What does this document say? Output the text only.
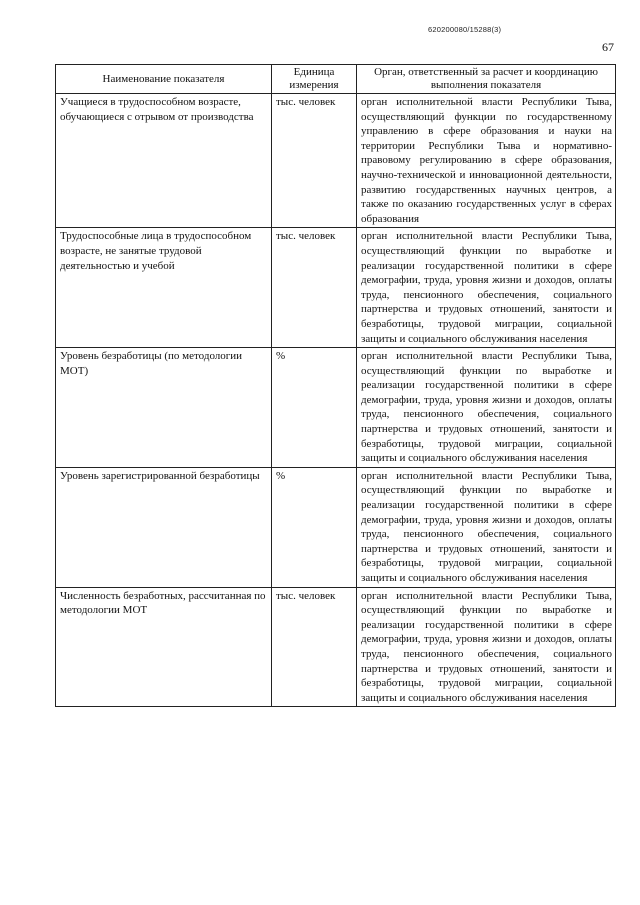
620200080/15288(3)
67
Наименование показателя	Единица измерения	Орган, ответственный за расчет и координацию выполнения показателя
Учащиеся в трудоспособном возрасте, обучающиеся с отрывом от производства	тыс. человек	орган исполнительной власти Республики Тыва, осуществляющий функции по государственному управлению в сфере образования и науки на территории Республики Тыва и нормативно-правовому регулированию в сфере образования, научно-технической и инновационной деятельности, развитию государственных научных центров, а также по оказанию государственных услуг в сферах образования
Трудоспособные лица в трудоспособном возрасте, не занятые трудовой деятельностью и учебой	тыс. человек	орган исполнительной власти Республики Тыва, осуществляющий функции по выработке и реализации государственной политики в сфере демографии, труда, уровня жизни и доходов, оплаты труда, пенсионного обеспечения, социального партнерства и трудовых отношений, занятости и безработицы, трудовой миграции, социальной защиты и социального обслуживания населения
Уровень безработицы (по методологии МОТ)	%	орган исполнительной власти Республики Тыва, осуществляющий функции по выработке и реализации государственной политики в сфере демографии, труда, уровня жизни и доходов, оплаты труда, пенсионного обеспечения, социального партнерства и трудовых отношений, занятости и безработицы, трудовой миграции, социальной защиты и социального обслуживания населения
Уровень зарегистрированной безработицы	%	орган исполнительной власти Республики Тыва, осуществляющий функции по выработке и реализации государственной политики в сфере демографии, труда, уровня жизни и доходов, оплаты труда, пенсионного обеспечения, социального партнерства и трудовых отношений, занятости и безработицы, трудовой миграции, социальной защиты и социального обслуживания населения
Численность безработных, рассчитанная по методологии МОТ	тыс. человек	орган исполнительной власти Республики Тыва, осуществляющий функции по выработке и реализации государственной политики в сфере демографии, труда, уровня жизни и доходов, оплаты труда, пенсионного обеспечения, социального партнерства и трудовых отношений, занятости и безработицы, трудовой миграции, социальной защиты и социального обслуживания населения
